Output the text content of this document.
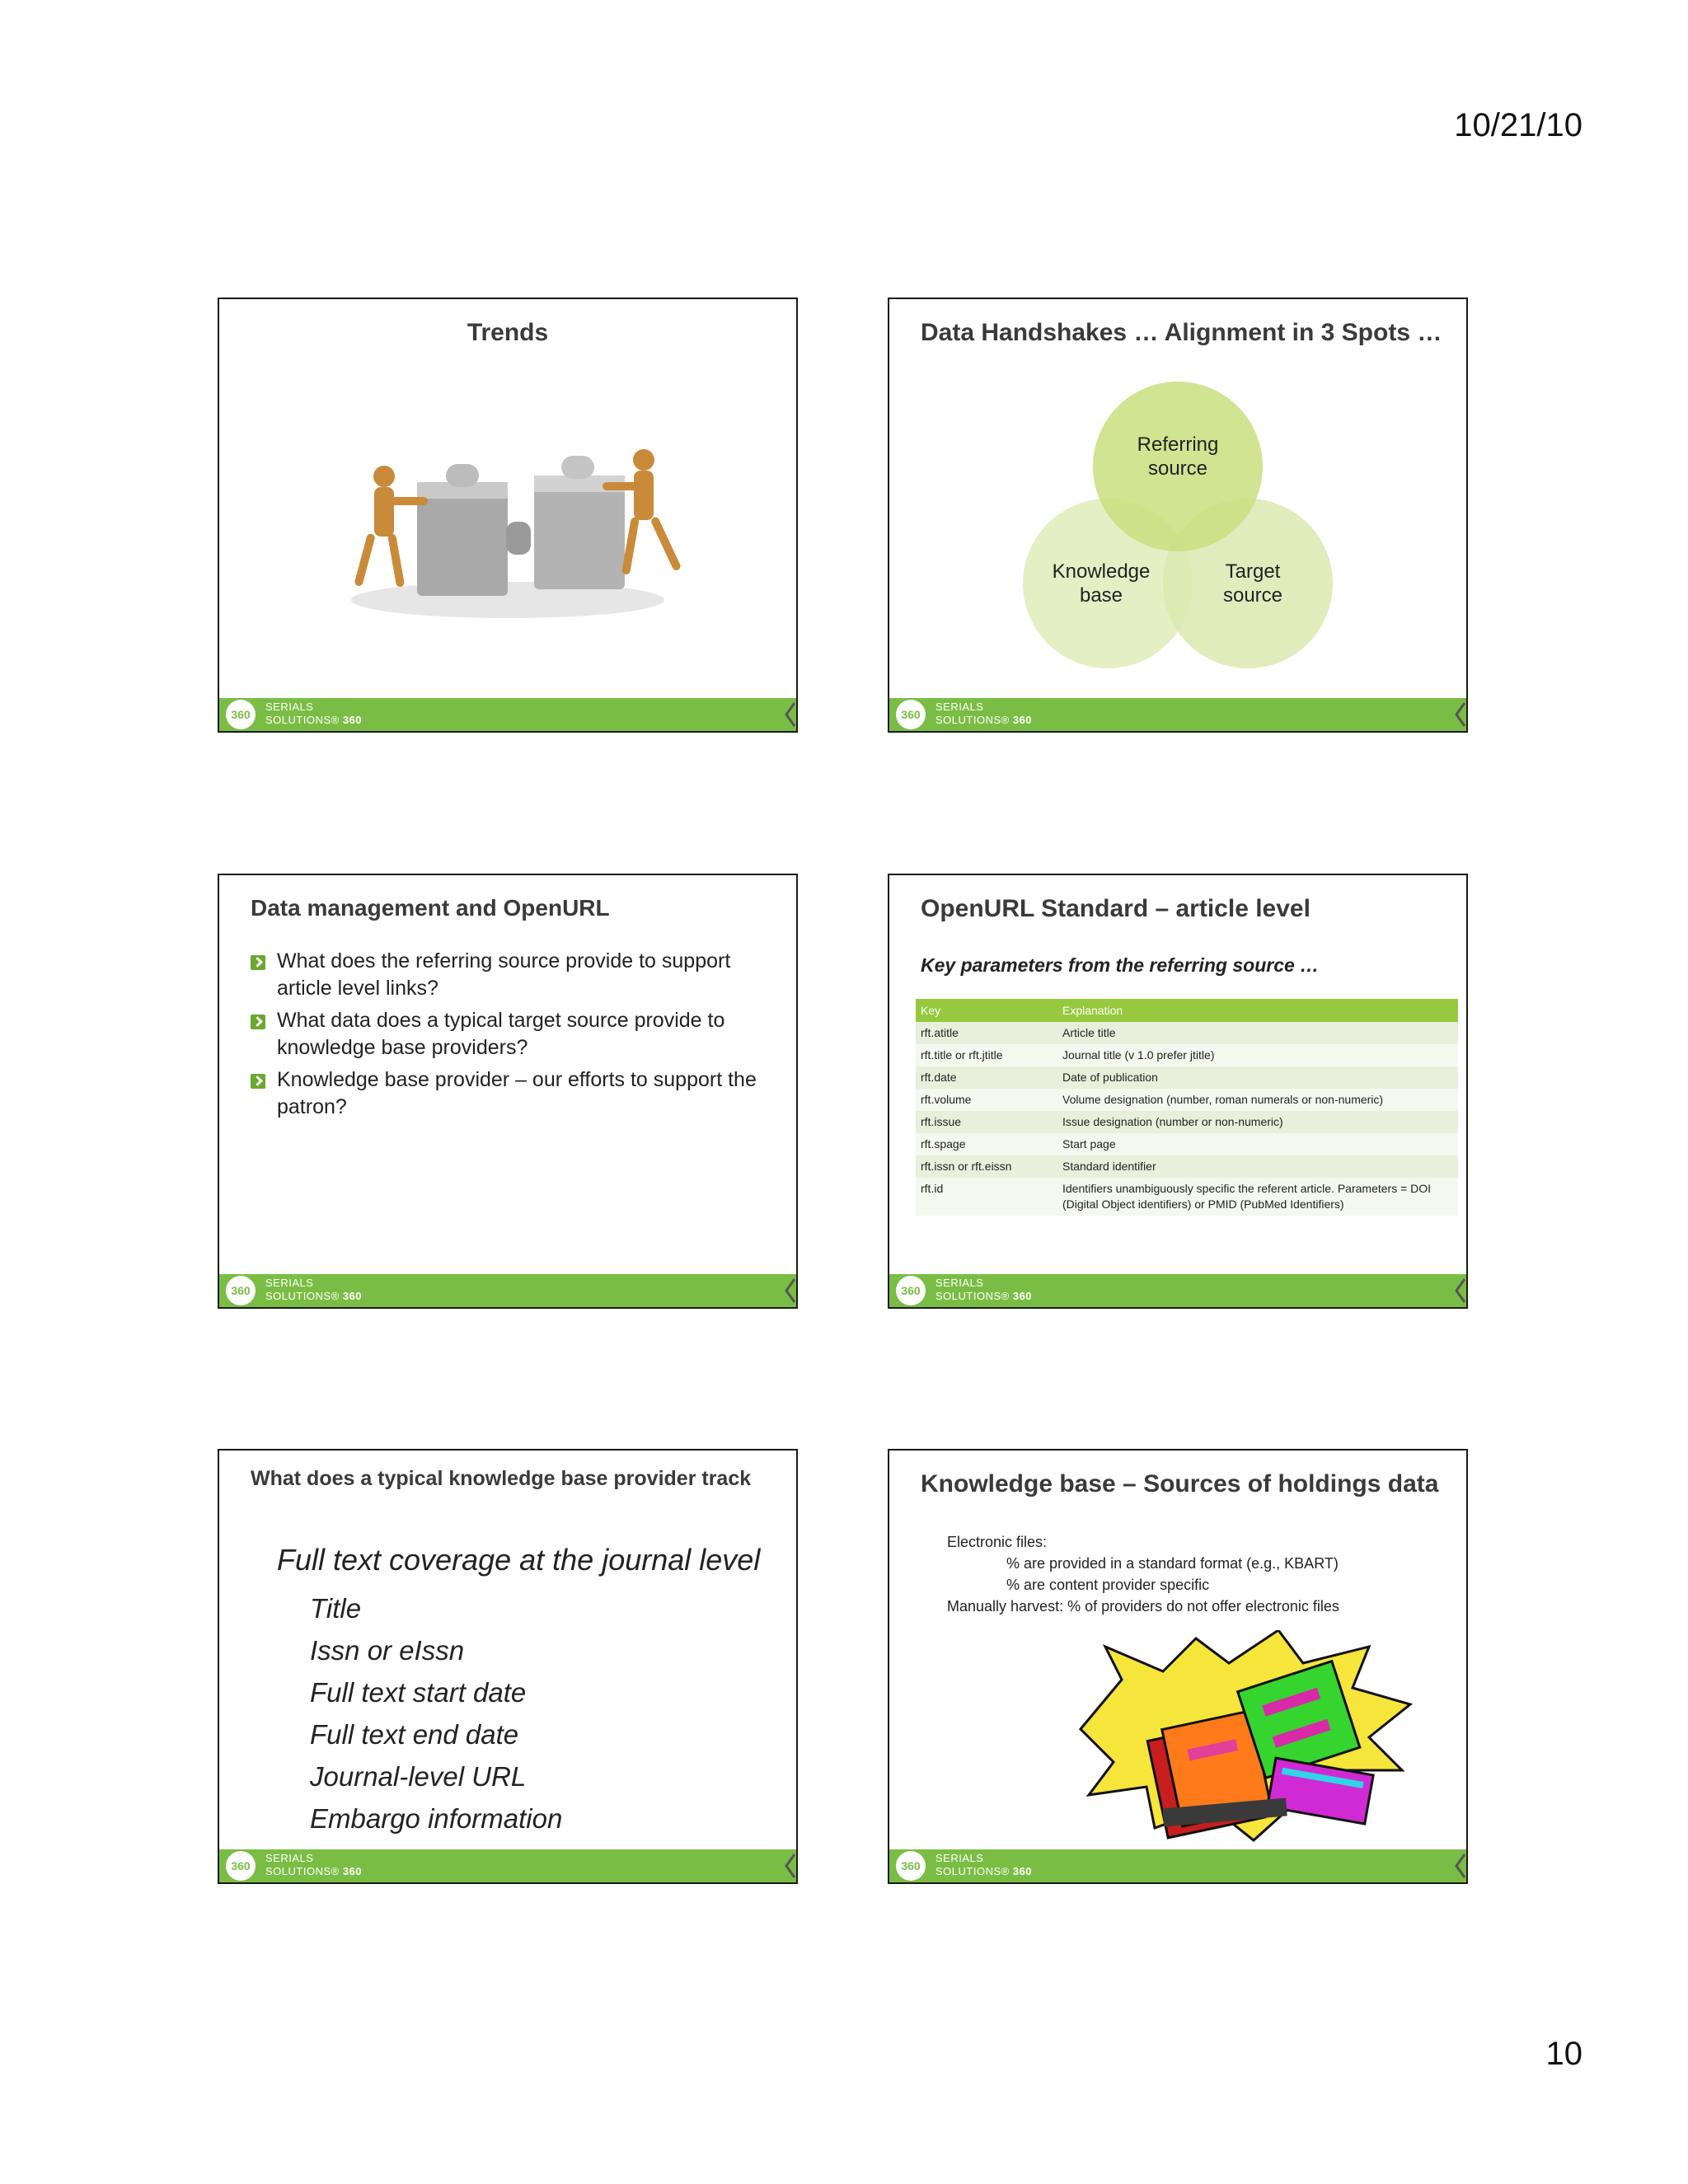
10/21/10
Trends
360
SERIALS
SOLUTIONS® 360
Data Handshakes … Alignment in 3 Spots …
Referring source
Knowledge base
Target source
360
SERIALS
SOLUTIONS® 360
Data management and OpenURL
What does the referring source provide to support article level links?
What data does a typical target source provide to knowledge base providers?
Knowledge base provider – our efforts to support the patron?
360
SERIALS
SOLUTIONS® 360
OpenURL Standard – article level
Key parameters from the referring source …
Key	Explanation
rft.atitle	Article title
rft.title or rft.jtitle	Journal title (v 1.0 prefer jtitle)
rft.date	Date of publication
rft.volume	Volume designation (number, roman numerals or non-numeric)
rft.issue	Issue designation (number or non-numeric)
rft.spage	Start page
rft.issn or rft.eissn	Standard identifier
rft.id	Identifiers unambiguously specific the referent article. Parameters = DOI (Digital Object identifiers) or PMID (PubMed Identifiers)
360
SERIALS
SOLUTIONS® 360
What does a typical knowledge base provider track
Full text coverage at the journal level
Title
Issn or eIssn
Full text start date
Full text end date
Journal-level URL
Embargo information
360
SERIALS
SOLUTIONS® 360
Knowledge base – Sources of holdings data
Electronic files:
% are provided in a standard format (e.g., KBART)
% are content provider specific
Manually harvest: % of providers do not offer electronic files
360
SERIALS
SOLUTIONS® 360
10
